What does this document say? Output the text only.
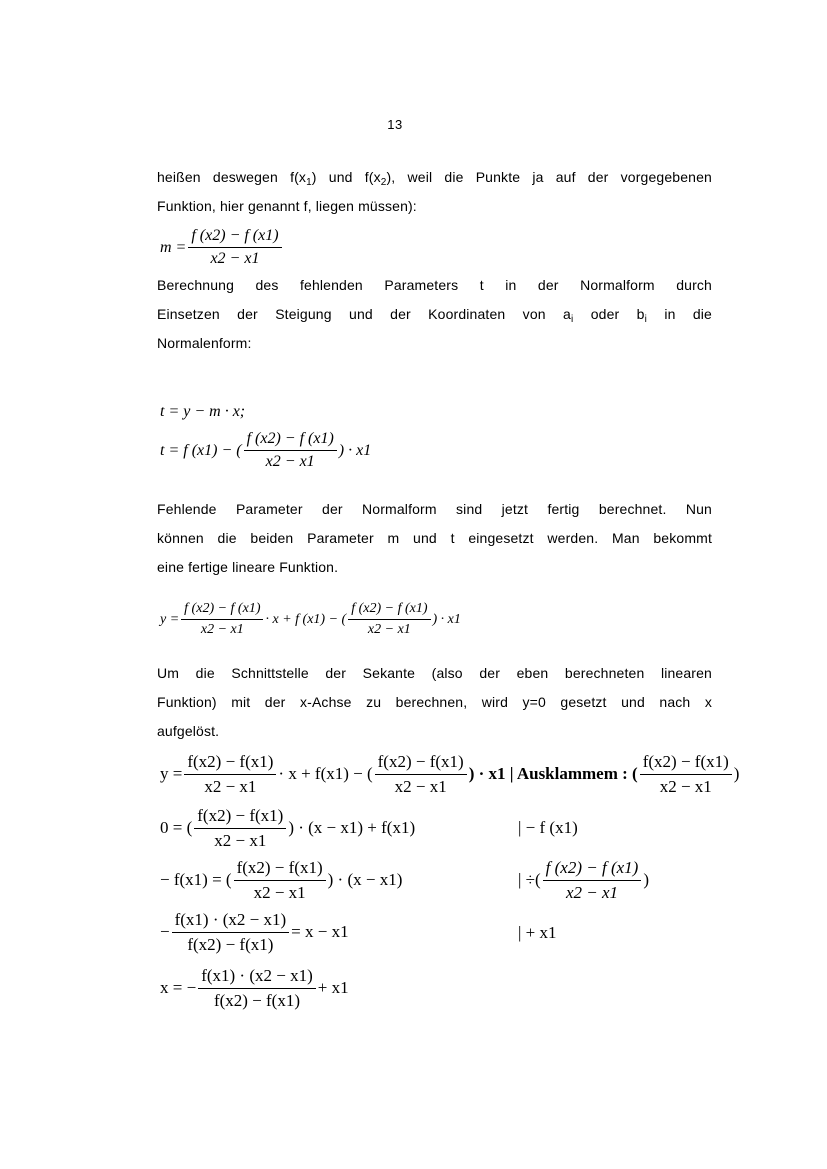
13
heißen deswegen $f(x_1)$ und $f(x_2)$, weil die Punkte ja auf der vorgegebenen
Funktion, hier genannt f, liegen müssen):
$m = \frac{f (x2) - f (x1)}{x2 - x1}$
Berechnung des fehlenden Parameters t in der Normalform durch
Einsetzen der Steigung und der Koordinaten von $a_i$ oder $b_i$ in die
Normalenform:
t = y − m · x;
t = f (x1) − ( $\frac{f (x2) - f (x1)}{x2 - x1}$ ) · x1
Fehlende Parameter der Normalform sind jetzt fertig berechnet. Nun
können die beiden Parameter m und t eingesetzt werden. Man bekommt
eine fertige lineare Funktion.
$y = \frac{f (x2) - f (x1)}{x2 - x1} \cdot x + f$ (x1) − ( $\frac{f (x2) - f (x1)}{x2 - x1}$ ) · x1
Um die Schnittstelle der Sekante (also der eben berechneten linearen
Funktion) mit der x-Achse zu berechnen, wird y=0 gesetzt und nach x
aufgelöst.
$y = \frac{f(x2) - f(x1)}{x2 - x1} \cdot x + f(x1)$ − ( $\frac{f(x2) - f(x1)}{x2 - x1}$ ) · x1 | Ausklammem : ( $\frac{f(x2) - f(x1)}{x2 - x1}$ )
0 = ( $\frac{f(x2) - f(x1)}{x2 - x1}$ ) · (x − x1) + f(x1)	| − f (x1)
− f(x1) = ( $\frac{f(x2) - f(x1)}{x2 - x1}$ ) · (x − x1)	| ÷( $\frac{f (x2) - f (x1)}{x2 - x1}$ )
− $\frac{f(x1) \cdot (x2 - x1)}{f(x2) - f(x1)} = x - x1$	| + x1
x = − $\frac{f(x1) \cdot (x2 - x1)}{f(x2) - f(x1)} + x1$
